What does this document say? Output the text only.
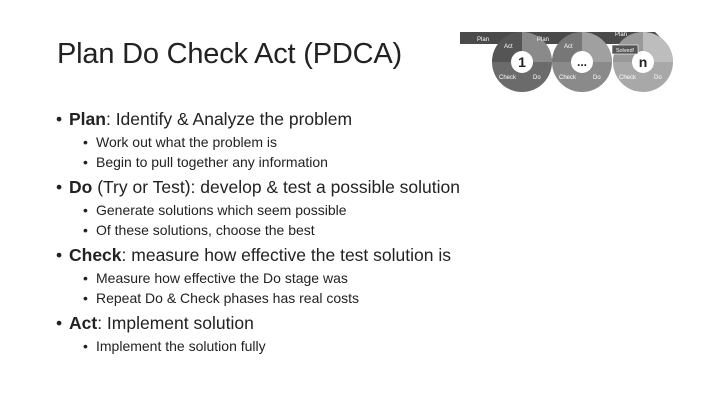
Plan Do Check Act (PDCA)	1
Plan
Act
Check	Do
...
Plan
Act
Check	Do
n
Plan
Check	Do
Solved!
• Plan: Identify & Analyze the problem
• Work out what the problem is
• Begin to pull together any information
• Do (Try or Test): develop & test a possible solution
• Generate solutions which seem possible
• Of these solutions, choose the best
• Check: measure how effective the test solution is
• Measure how effective the Do stage was
• Repeat Do & Check phases has real costs
• Act: Implement solution
• Implement the solution fully
